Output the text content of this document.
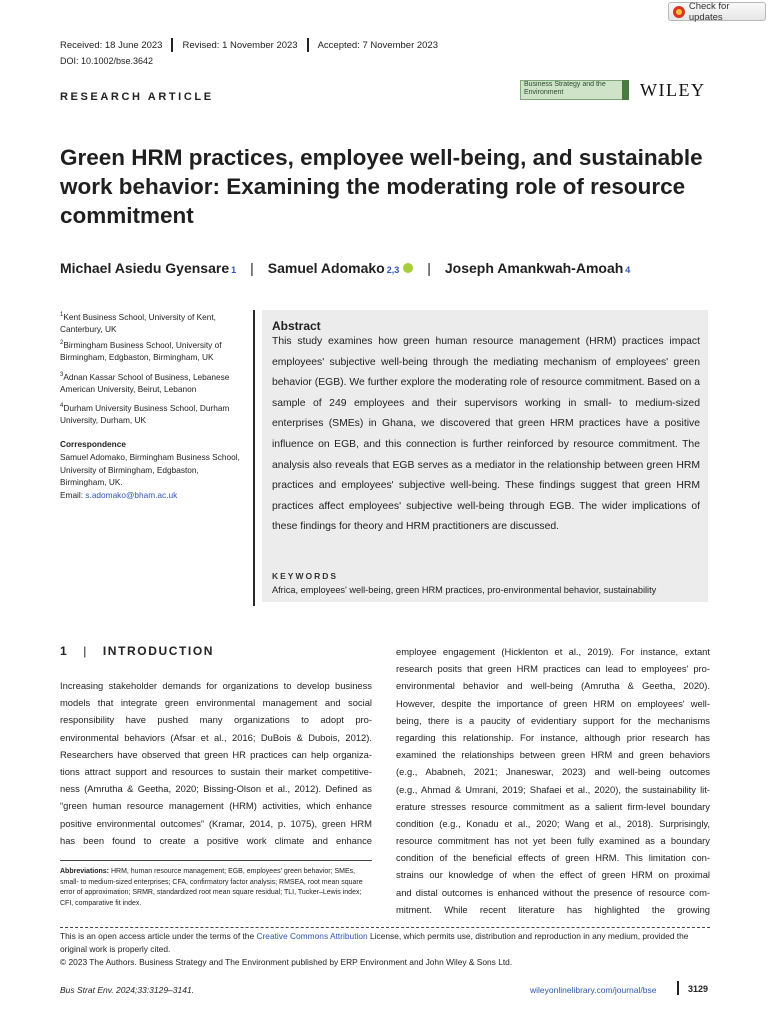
Check for updates
Received: 18 June 2023 Revised: 1 November 2023 Accepted: 7 November 2023
DOI: 10.1002/bse.3642
RESEARCH ARTICLE
Business Strategy and the Environment	WILEY
Green HRM practices, employee well-being, and sustainable work behavior: Examining the moderating role of resource commitment
Michael Asiedu Gyensare 1 | Samuel Adomako 2,3 | Joseph Amankwah-Amoah 4
$^1$Kent Business School, University of Kent, Canterbury, UK
$^2$Birmingham Business School, University of Birmingham, Edgbaston, Birmingham, UK
$^3$Adnan Kassar School of Business, Lebanese American University, Beirut, Lebanon
$^4$Durham University Business School, Durham University, Durham, UK
Correspondence
Samuel Adomako, Birmingham Business School, University of Birmingham, Edgbaston, Birmingham, UK.
Email: s.adomako@bham.ac.uk
Abstract
This study examines how green human resource management (HRM) practices impact employees' subjective well-being through the mediating mechanism of employees' green behavior (EGB). We further explore the moderating role of resource commitment. Based on a sample of 249 employees and their supervisors working in small- to medium-sized enterprises (SMEs) in Ghana, we discovered that green HRM practices have a positive influence on EGB, and this connection is further reinforced by resource commitment. The analysis also reveals that EGB serves as a mediator in the relationship between green HRM practices and employees' subjective well-being. These findings suggest that green HRM practices affect employees' subjective well-being through EGB. The wider implications of these findings for theory and HRM practitioners are discussed.
KEYWORDS
Africa, employees' well-being, green HRM practices, pro-environmental behavior, sustainability
1 | INTRODUCTION
Increasing stakeholder demands for organizations to develop business
models that integrate green environmental management and social
responsibility have pushed many organizations to adopt pro-
environmental behaviors (Afsar et al., 2016; DuBois & Dubois, 2012).
Researchers have observed that green HR practices can help organiza-
tions attract support and resources to sustain their market competitive-
ness (Amrutha & Geetha, 2020; Bissing-Olson et al., 2012). Defined as
“green human resource management (HRM) activities, which enhance
positive environmental outcomes” (Kramar, 2014, p. 1075), green HRM
has been found to create a positive work climate and enhance
employee engagement (Hicklenton et al., 2019). For instance, extant
research posits that green HRM practices can lead to employees' pro-
environmental behavior and well-being (Amrutha & Geetha, 2020).
However, despite the importance of green HRM on employees' well-
being, there is a paucity of evidentiary support for the mechanisms
regarding this relationship. For instance, although prior research has
examined the relationships between green HRM and green behaviors
(e.g., Ababneh, 2021; Jnaneswar, 2023) and well-being outcomes
(e.g., Ahmad & Umrani, 2019; Shafaei et al., 2020), the sustainability lit-
erature stresses resource commitment as a salient firm-level boundary
condition (e.g., Konadu et al., 2020; Wang et al., 2018). Surprisingly,
resource commitment has not yet been fully examined as a boundary
condition of the beneficial effects of green HRM. This limitation con-
strains our knowledge of when the effect of green HRM on proximal
and distal outcomes is enhanced without the presence of resource com-
mitment. While recent literature has highlighted the growing
Abbreviations: HRM, human resource management; EGB, employees' green behavior; SMEs, small- to medium-sized enterprises; CFA, confirmatory factor analysis; RMSEA, root mean square error of approximation; SRMR, standardized root mean square residual; TLI, Tucker–Lewis index; CFI, comparative fit index.
This is an open access article under the terms of the Creative Commons Attribution License, which permits use, distribution and reproduction in any medium, provided the original work is properly cited.
© 2023 The Authors. Business Strategy and The Environment published by ERP Environment and John Wiley & Sons Ltd.
Bus Strat Env. 2024;33:3129–3141.	wileyonlinelibrary.com/journal/bse	3129
